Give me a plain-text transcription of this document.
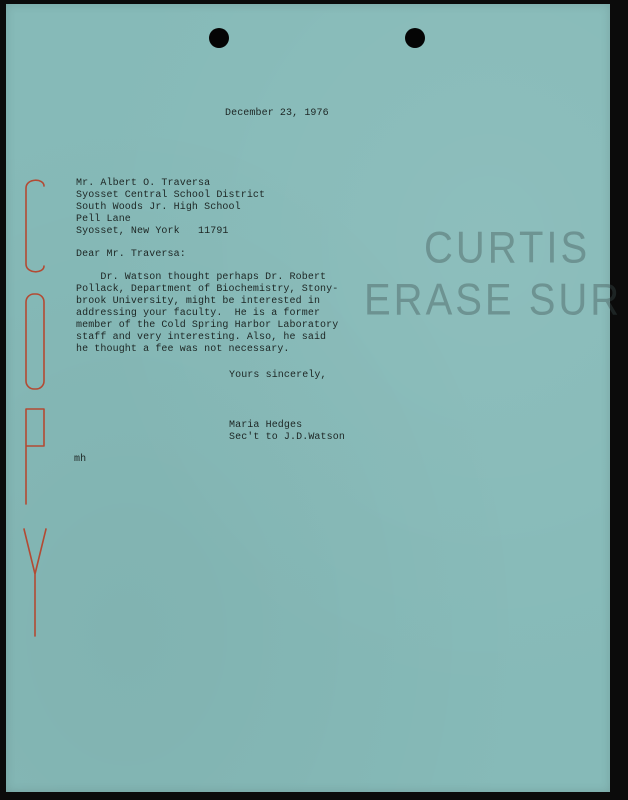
CURTIS
ERASE SUR
December 23, 1976
Mr. Albert O. Traversa
Syosset Central School District
South Woods Jr. High School
Pell Lane
Syosset, New York   11791
Dear Mr. Traversa:
Dr. Watson thought perhaps Dr. Robert
Pollack, Department of Biochemistry, Stony-
brook University, might be interested in
addressing your faculty.  He is a former
member of the Cold Spring Harbor Laboratory
staff and very interesting. Also, he said
he thought a fee was not necessary.
Yours sincerely,
Maria Hedges
Sec't to J.D.Watson
mh
